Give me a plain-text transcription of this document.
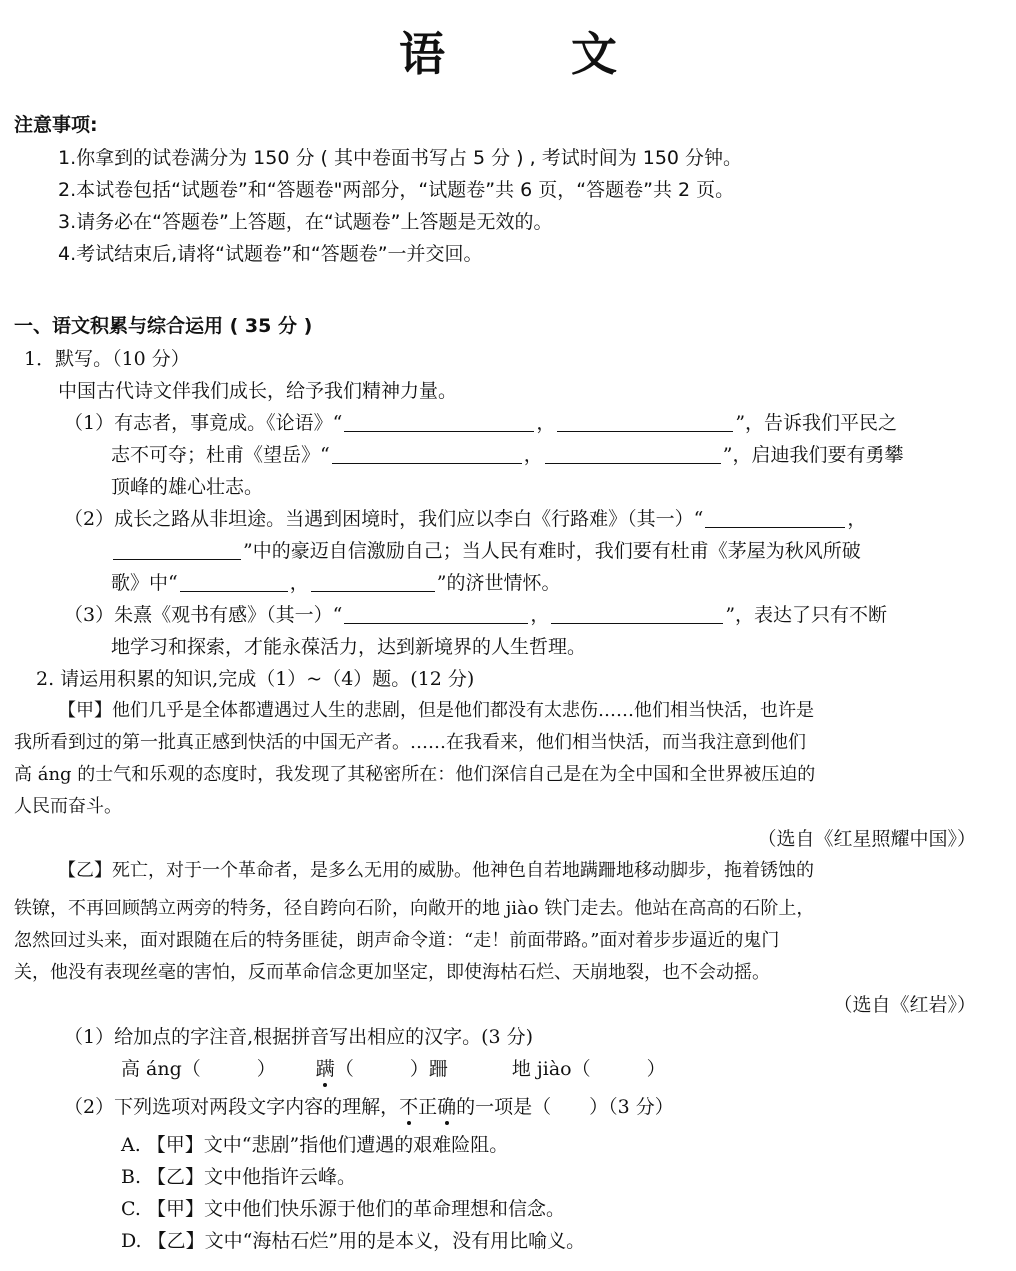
语　文
注意事项:
1.你拿到的试卷满分为 150 分 ( 其中卷面书写占 5 分 ) , 考试时间为 150 分钟。
2.本试卷包括“试题卷”和“答题卷"两部分，“试题卷”共 6 页，“答题卷”共 2 页。
3.请务必在“答题卷”上答题，在“试题卷”上答题是无效的。
4.考试结束后,请将“试题卷”和“答题卷”一并交回。
一、语文积累与综合运用 ( 35 分 )
1．默写。（10 分）
中国古代诗文伴我们成长，给予我们精神力量。
（1）有志者，事竟成。《论语》“	，	”，告诉我们平民之
志不可夺；杜甫《望岳》“	，	”，启迪我们要有勇攀
顶峰的雄心壮志。
（2）成长之路从非坦途。当遇到困境时，我们应以李白《行路难》（其一）“	，
”中的豪迈自信激励自己；当人民有难时，我们要有杜甫《茅屋为秋风所破
歌》中“	，	”的济世情怀。
（3）朱熹《观书有感》（其一）“	，	”，表达了只有不断
地学习和探索，才能永葆活力，达到新境界的人生哲理。
2. 请运用积累的知识,完成（1）~（4）题。(12 分)
【甲】他们几乎是全体都遭遇过人生的悲剧，但是他们都没有太悲伤……他们相当快活，也许是
我所看到过的第一批真正感到快活的中国无产者。……在我看来，他们相当快活，而当我注意到他们
高 áng 的士气和乐观的态度时，我发现了其秘密所在：他们深信自己是在为全中国和全世界被压迫的
人民而奋斗。
（选自《红星照耀中国》）
【乙】死亡，对于一个革命者，是多么无用的威胁。他神色自若地蹒跚地移动脚步，拖着锈蚀的
铁镣，不再回顾鹄立两旁的特务，径自跨向石阶，向敞开的地 jiào 铁门走去。他站在高高的石阶上，
忽然回过头来，面对跟随在后的特务匪徒，朗声命令道：“走！前面带路。”面对着步步逼近的鬼门
关，他没有表现丝毫的害怕，反而革命信念更加坚定，即使海枯石烂、天崩地裂，也不会动摇。
（选自《红岩》）
（1）给加点的字注音,根据拼音写出相应的汉字。(3 分)
高 áng（	） 蹒（	）跚	地 jiào（	）
（2）下列选项对两段文字内容的理解，不正确的一项是（　　）（3 分）
A. 【甲】文中“悲剧”指他们遭遇的艰难险阻。
B. 【乙】文中他指许云峰。
C. 【甲】文中他们快乐源于他们的革命理想和信念。
D. 【乙】文中“海枯石烂”用的是本义，没有用比喻义。
